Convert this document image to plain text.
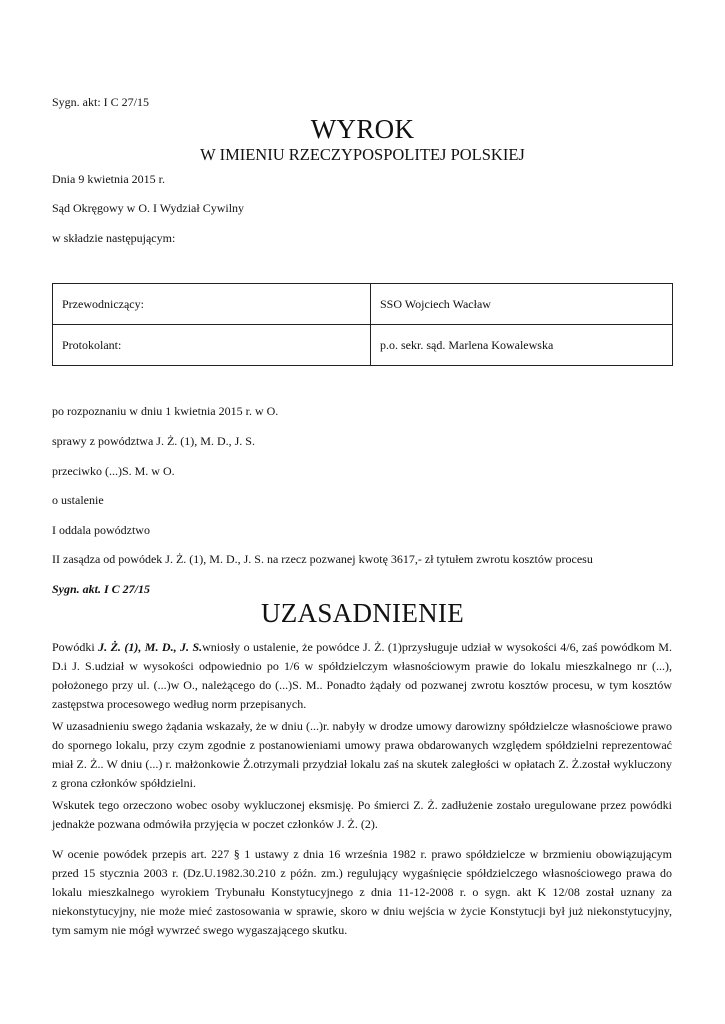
Sygn. akt: I C 27/15
WYROK
W IMIENIU RZECZYPOSPOLITEJ POLSKIEJ
Dnia 9 kwietnia 2015 r.
Sąd Okręgowy w O. I Wydział Cywilny
w składzie następującym:
Przewodniczący:	SSO Wojciech Wacław
Protokolant:	p.o. sekr. sąd. Marlena Kowalewska
po rozpoznaniu w dniu 1 kwietnia 2015 r. w O.
sprawy z powództwa J. Ż. (1), M. D., J. S.
przeciwko (...)S. M. w O.
o ustalenie
I oddala powództwo
II zasądza od powódek J. Ż. (1), M. D., J. S. na rzecz pozwanej kwotę 3617,- zł tytułem zwrotu kosztów procesu
Sygn. akt. I C 27/15
UZASADNIENIE

Powódki J. Ż. (1), M. D., J. S.wniosły o ustalenie, że powódce J. Ż. (1)przysługuje udział w wysokości 4/6, zaś powódkom M. D.i J. S.udział w wysokości odpowiednio po 1/6 w spółdzielczym własnościowym prawie do lokalu mieszkalnego nr (...), położonego przy ul. (...)w O., należącego do (...)S. M.. Ponadto żądały od pozwanej zwrotu kosztów procesu, w tym kosztów zastępstwa procesowego według norm przepisanych.

W uzasadnieniu swego żądania wskazały, że w dniu (...)r. nabyły w drodze umowy darowizny spółdzielcze własnościowe prawo do spornego lokalu, przy czym zgodnie z postanowieniami umowy prawa obdarowanych względem spółdzielni reprezentować miał Z. Ż.. W dniu (...) r. małżonkowie Ż.otrzymali przydział lokalu zaś na skutek zaległości w opłatach Z. Ż.został wykluczony z grona członków spółdzielni.

Wskutek tego orzeczono wobec osoby wykluczonej eksmisję. Po śmierci Z. Ż. zadłużenie zostało uregulowane przez powódki jednakże pozwana odmówiła przyjęcia w poczet członków J. Ż. (2).

W ocenie powódek przepis art. 227 § 1 ustawy z dnia 16 września 1982 r. prawo spółdzielcze w brzmieniu obowiązującym przed 15 stycznia 2003 r. (Dz.U.1982.30.210 z późn. zm.) regulujący wygaśnięcie spółdzielczego własnościowego prawa do lokalu mieszkalnego wyrokiem Trybunału Konstytucyjnego z dnia 11-12-2008 r. o sygn. akt K 12/08 został uznany za niekonstytucyjny, nie może mieć zastosowania w sprawie, skoro w dniu wejścia w życie Konstytucji był już niekonstytucyjny, tym samym nie mógł wywrzeć swego wygaszającego skutku.
